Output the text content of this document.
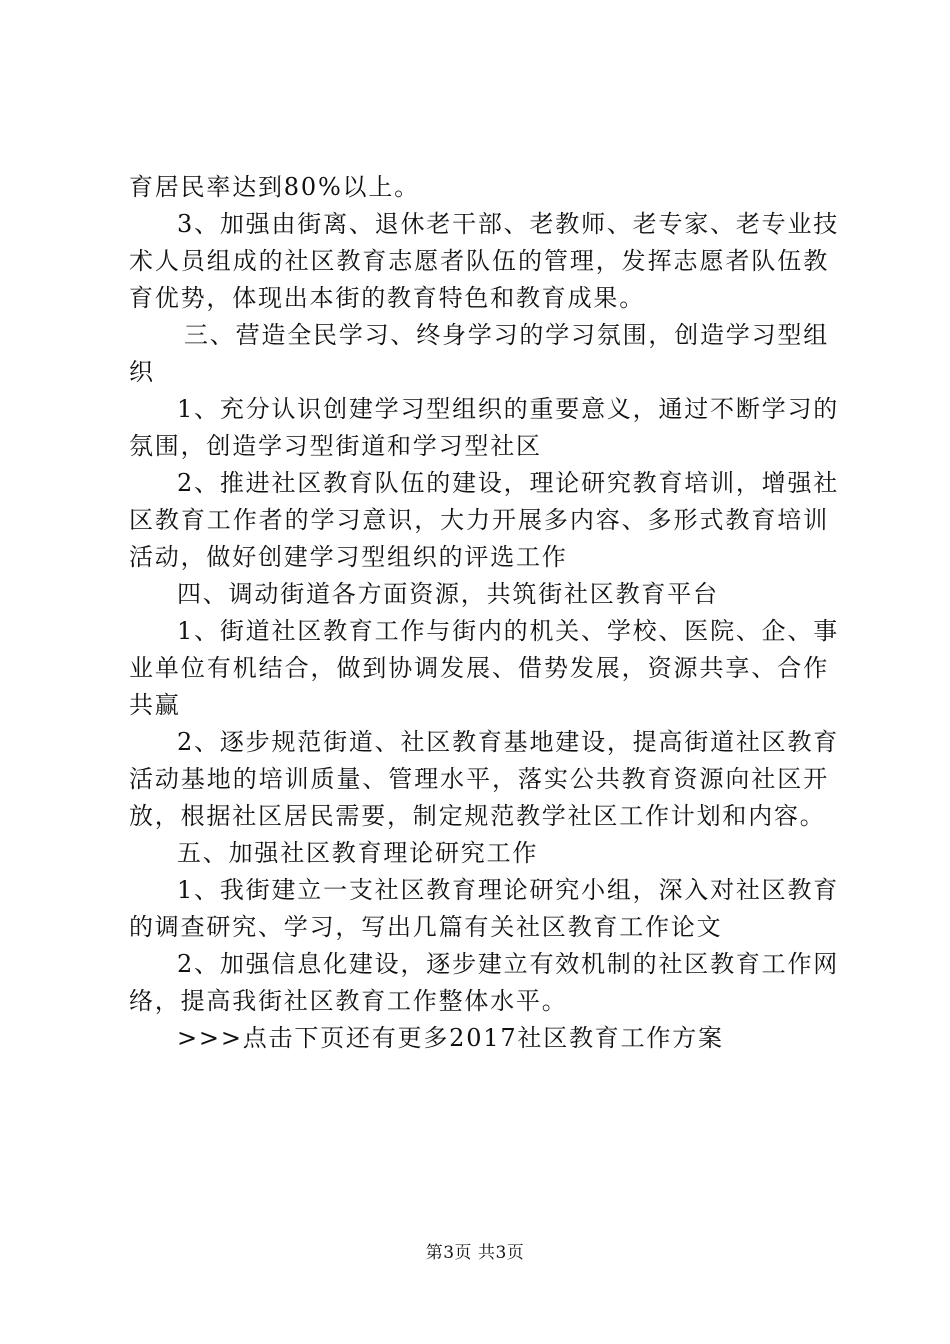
育居民率达到80%以上。
3、加强由街离、退休老干部、老教师、老专家、老专业技
术人员组成的社区教育志愿者队伍的管理，发挥志愿者队伍教
育优势，体现出本街的教育特色和教育成果。
三、营造全民学习、终身学习的学习氛围，创造学习型组
织
1、充分认识创建学习型组织的重要意义，通过不断学习的
氛围，创造学习型街道和学习型社区
2、推进社区教育队伍的建设，理论研究教育培训，增强社
区教育工作者的学习意识，大力开展多内容、多形式教育培训
活动，做好创建学习型组织的评选工作
四、调动街道各方面资源，共筑街社区教育平台
1、街道社区教育工作与街内的机关、学校、医院、企、事
业单位有机结合，做到协调发展、借势发展，资源共享、合作
共赢
2、逐步规范街道、社区教育基地建设，提高街道社区教育
活动基地的培训质量、管理水平，落实公共教育资源向社区开
放，根据社区居民需要，制定规范教学社区工作计划和内容。
五、加强社区教育理论研究工作
1、我街建立一支社区教育理论研究小组，深入对社区教育
的调查研究、学习，写出几篇有关社区教育工作论文
2、加强信息化建设，逐步建立有效机制的社区教育工作网
络，提高我街社区教育工作整体水平。
>>>点击下页还有更多2017社区教育工作方案
第3页 共3页
